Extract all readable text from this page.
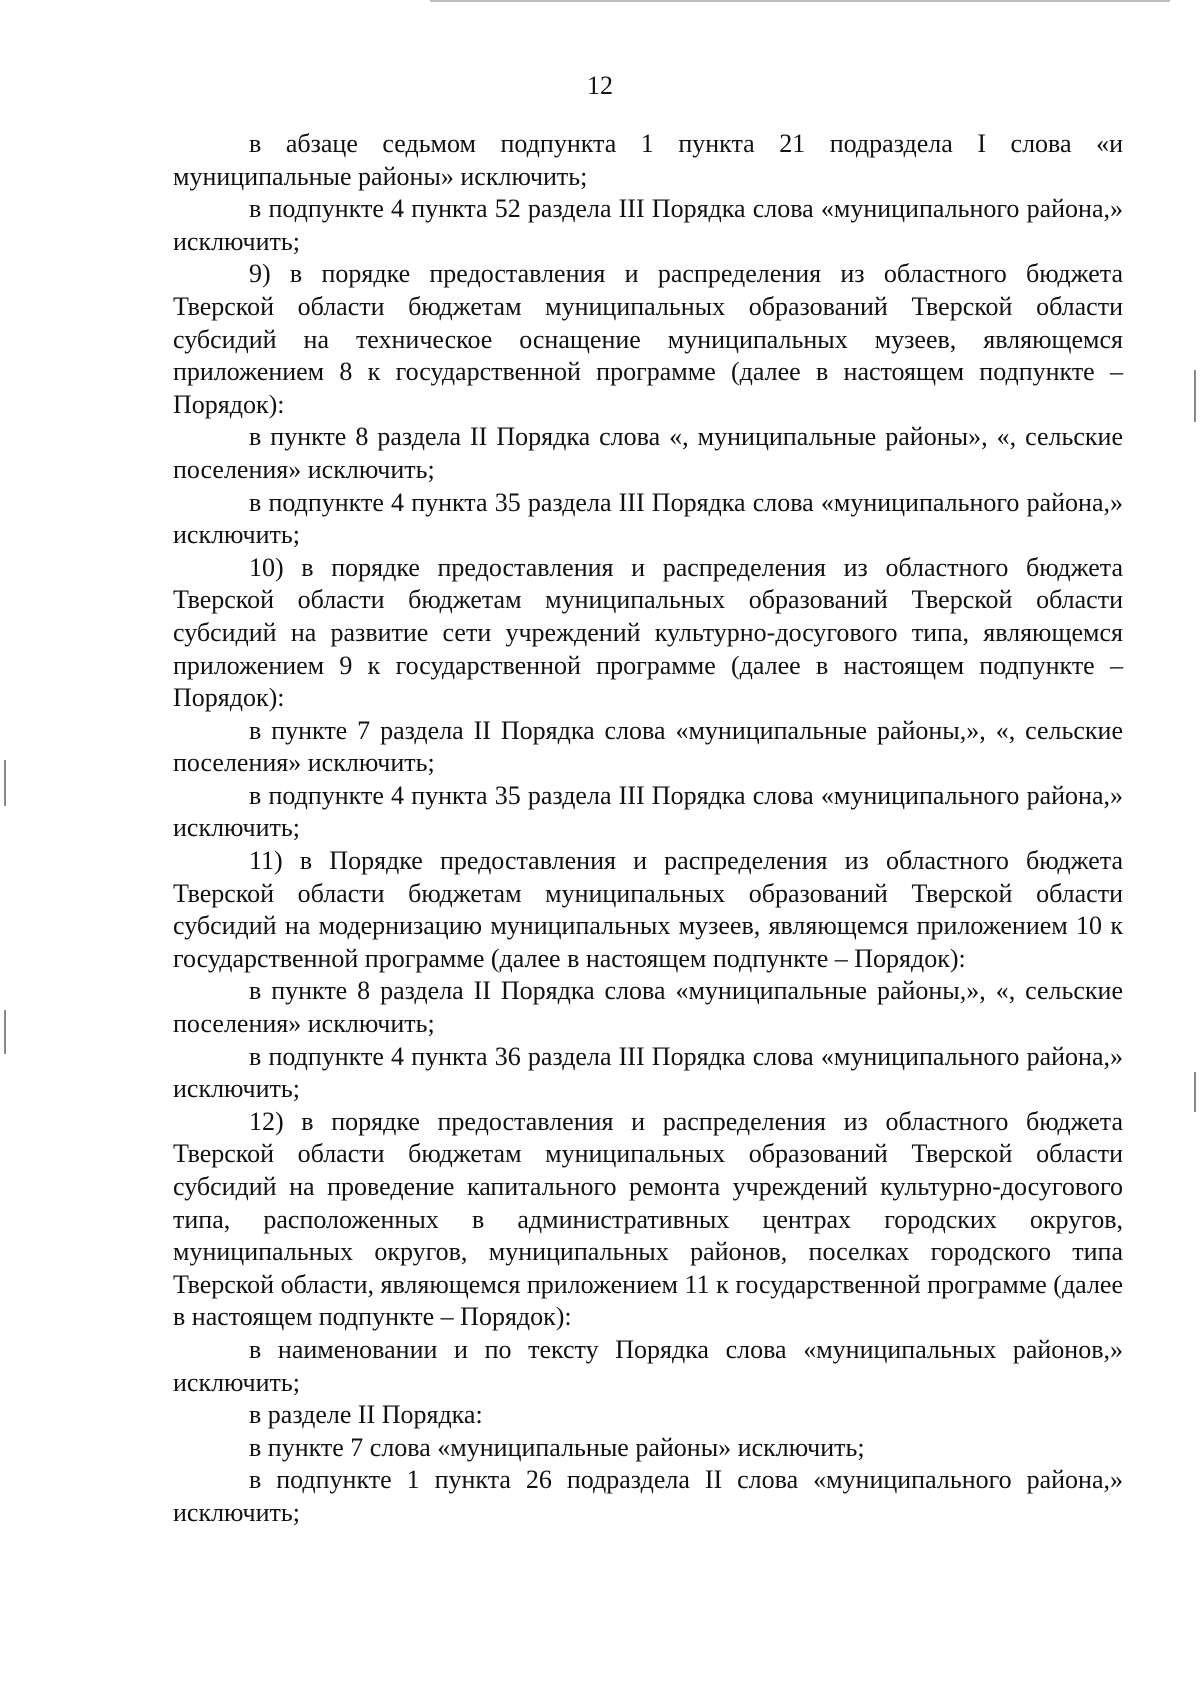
12

в абзаце седьмом подпункта 1 пункта 21 подраздела I слова «и муниципальные районы» исключить;

в подпункте 4 пункта 52 раздела III Порядка слова «муниципального района,» исключить;

9) в порядке предоставления и распределения из областного бюджета Тверской области бюджетам муниципальных образований Тверской области субсидий на техническое оснащение муниципальных музеев, являющемся приложением 8 к государственной программе (далее в настоящем подпункте – Порядок):

в пункте 8 раздела II Порядка слова «, муниципальные районы», «, сельские поселения» исключить;

в подпункте 4 пункта 35 раздела III Порядка слова «муниципального района,» исключить;

10) в порядке предоставления и распределения из областного бюджета Тверской области бюджетам муниципальных образований Тверской области субсидий на развитие сети учреждений культурно-досугового типа, являющемся приложением 9 к государственной программе (далее в настоящем подпункте – Порядок):

в пункте 7 раздела II Порядка слова «муниципальные районы,», «, сельские поселения» исключить;

в подпункте 4 пункта 35 раздела III Порядка слова «муниципального района,» исключить;

11) в Порядке предоставления и распределения из областного бюджета Тверской области бюджетам муниципальных образований Тверской области субсидий на модернизацию муниципальных музеев, являющемся приложением 10 к государственной программе (далее в настоящем подпункте – Порядок):

в пункте 8 раздела II Порядка слова «муниципальные районы,», «, сельские поселения» исключить;

в подпункте 4 пункта 36 раздела III Порядка слова «муниципального района,» исключить;

12) в порядке предоставления и распределения из областного бюджета Тверской области бюджетам муниципальных образований Тверской области субсидий на проведение капитального ремонта учреждений культурно-досугового типа, расположенных в административных центрах городских округов, муниципальных округов, муниципальных районов, поселках городского типа Тверской области, являющемся приложением 11 к государственной программе (далее в настоящем подпункте – Порядок):

в наименовании и по тексту Порядка слова «муниципальных районов,» исключить;

в разделе II Порядка:

в пункте 7 слова «муниципальные районы» исключить;

в подпункте 1 пункта 26 подраздела II слова «муниципального района,» исключить;
